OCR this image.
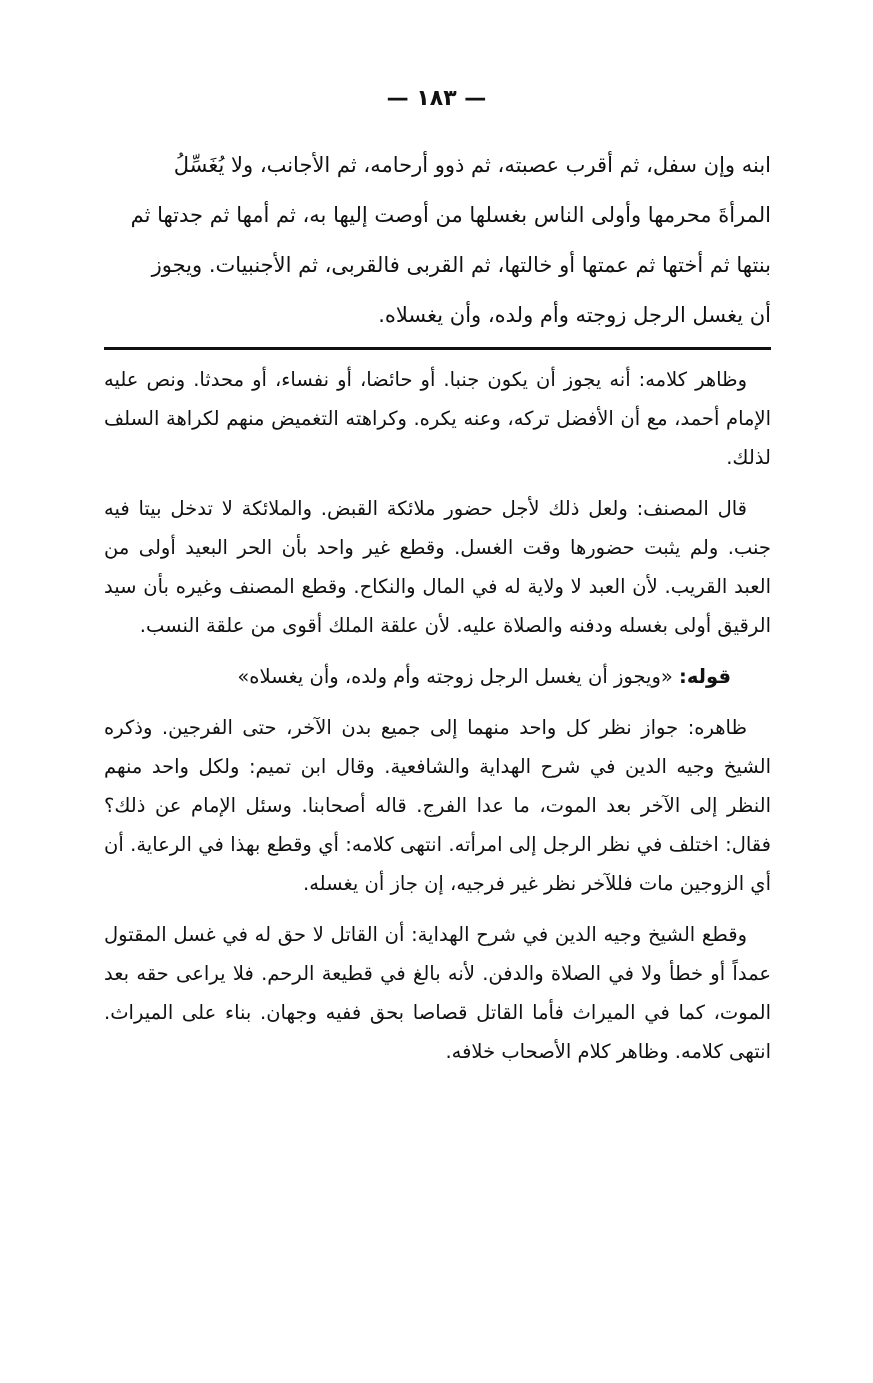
— ١٨٣ —
ابنه وإن سفل، ثم أقرب عصبته، ثم ذوو أرحامه، ثم الأجانب، ولا يُغَسِّلُ
المرأةَ محرمها وأولى الناس بغسلها من أوصت إليها به، ثم أمها ثم جدتها ثم
بنتها ثم أختها ثم عمتها أو خالتها، ثم القربى فالقربى، ثم الأجنبيات. ويجوز
أن يغسل الرجل زوجته وأم ولده، وأن يغسلاه.

وظاهر كلامه: أنه يجوز أن يكون جنبا. أو حائضا، أو نفساء، أو محدثا. ونص عليه الإمام أحمد، مع أن الأفضل تركه، وعنه يكره. وكراهته التغميض منهم لكراهة السلف لذلك.

قال المصنف: ولعل ذلك لأجل حضور ملائكة القبض. والملائكة لا تدخل بيتا فيه جنب. ولم يثبت حضورها وقت الغسل. وقطع غير واحد بأن الحر البعيد أولى من العبد القريب. لأن العبد لا ولاية له في المال والنكاح. وقطع المصنف وغيره بأن سيد الرقيق أولى بغسله ودفنه والصلاة عليه. لأن علقة الملك أقوى من علقة النسب.

قوله: «ويجوز أن يغسل الرجل زوجته وأم ولده، وأن يغسلاه»

ظاهره: جواز نظر كل واحد منهما إلى جميع بدن الآخر، حتى الفرجين. وذكره الشيخ وجيه الدين في شرح الهداية والشافعية. وقال ابن تميم: ولكل واحد منهم النظر إلى الآخر بعد الموت، ما عدا الفرج. قاله أصحابنا. وسئل الإمام عن ذلك؟ فقال: اختلف في نظر الرجل إلى امرأته. انتهى كلامه: أي وقطع بهذا في الرعاية. أن أي الزوجين مات فللآخر نظر غير فرجيه، إن جاز أن يغسله.

وقطع الشيخ وجيه الدين في شرح الهداية: أن القاتل لا حق له في غسل المقتول عمداً أو خطأ ولا في الصلاة والدفن. لأنه بالغ في قطيعة الرحم. فلا يراعى حقه بعد الموت، كما في الميراث فأما القاتل قصاصا بحق ففيه وجهان. بناء على الميراث. انتهى كلامه. وظاهر كلام الأصحاب خلافه.
